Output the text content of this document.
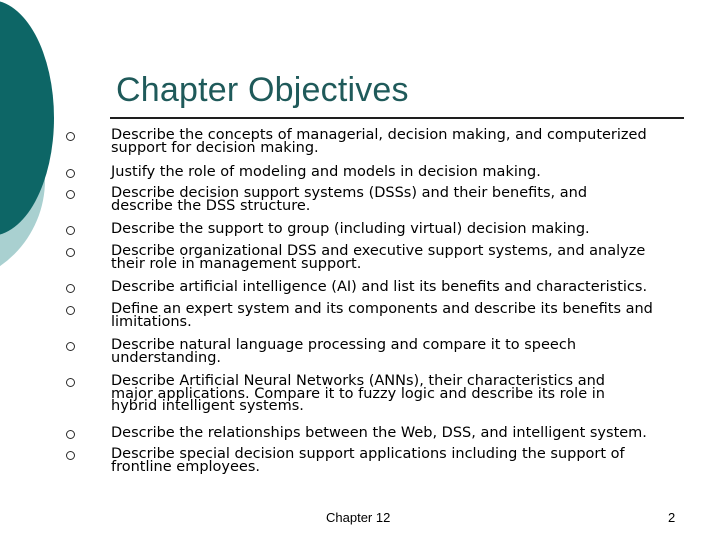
Chapter Objectives
Describe the concepts of managerial, decision making, and computerized
support for decision making.
Justify the role of modeling and models in decision making.
Describe decision support systems (DSSs) and their benefits, and
describe the DSS structure.
Describe the support to group (including virtual) decision making.
Describe organizational DSS and executive support systems, and analyze
their role in management support.
Describe artificial intelligence (AI) and list its benefits and characteristics.
Define an expert system and its components and describe its benefits and
limitations.
Describe natural language processing and compare it to speech
understanding.
Describe Artificial Neural Networks (ANNs), their characteristics and
major applications. Compare it to fuzzy logic and describe its role in
hybrid intelligent systems.
Describe the relationships between the Web, DSS, and intelligent system.
Describe special decision support applications including the support of
frontline employees.
Chapter 12	2
